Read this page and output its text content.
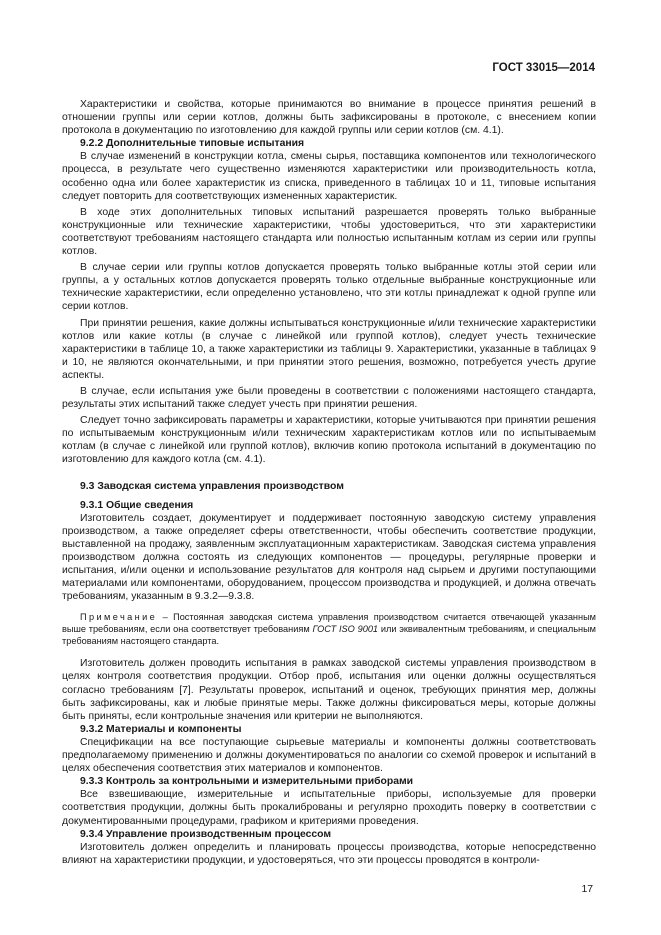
ГОСТ 33015—2014

Характеристики и свойства, которые принимаются во внимание в процессе принятия решений в отношении группы или серии котлов, должны быть зафиксированы в протоколе, с внесением копии протокола в документацию по изготовлению для каждой группы или серии котлов (см. 4.1).

9.2.2 Дополнительные типовые испытания

В случае изменений в конструкции котла, смены сырья, поставщика компонентов или технологического процесса, в результате чего существенно изменяются характеристики или производительность котла, особенно одна или более характеристик из списка, приведенного в таблицах 10 и 11, типовые испытания следует повторить для соответствующих измененных характеристик.

В ходе этих дополнительных типовых испытаний разрешается проверять только выбранные конструкционные или технические характеристики, чтобы удостовериться, что эти характеристики соответствуют требованиям настоящего стандарта или полностью испытанным котлам из серии или группы котлов.

В случае серии или группы котлов допускается проверять только выбранные котлы этой серии или группы, а у остальных котлов допускается проверять только отдельные выбранные конструкционные или технические характеристики, если определенно установлено, что эти котлы принадлежат к одной группе или серии котлов.

При принятии решения, какие должны испытываться конструкционные и/или технические характеристики котлов или какие котлы (в случае с линейкой или группой котлов), следует учесть технические характеристики в таблице 10, а также характеристики из таблицы 9. Характеристики, указанные в таблицах 9 и 10, не являются окончательными, и при принятии этого решения, возможно, потребуется учесть другие аспекты.

В случае, если испытания уже были проведены в соответствии с положениями настоящего стандарта, результаты этих испытаний также следует учесть при принятии решения.

Следует точно зафиксировать параметры и характеристики, которые учитываются при принятии решения по испытываемым конструкционным и/или техническим характеристикам котлов или по испытываемым котлам (в случае с линейкой или группой котлов), включив копию протокола испытаний в документацию по изготовлению для каждого котла (см. 4.1).

9.3 Заводская система управления производством
9.3.1 Общие сведения

Изготовитель создает, документирует и поддерживает постоянную заводскую систему управления производством, а также определяет сферы ответственности, чтобы обеспечить соответствие продукции, выставленной на продажу, заявленным эксплуатационным характеристикам. Заводская система управления производством должна состоять из следующих компонентов — процедуры, регулярные проверки и испытания, и/или оценки и использование результатов для контроля над сырьем и другими поступающими материалами или компонентами, оборудованием, процессом производства и продукцией, и должна отвечать требованиям, указанным в 9.3.2—9.3.8.

Примечание – Постоянная заводская система управления производством считается отвечающей указанным выше требованиям, если она соответствует требованиям ГОСТ ISO 9001 или эквивалентным требованиям, и специальным требованиям настоящего стандарта.

Изготовитель должен проводить испытания в рамках заводской системы управления производством в целях контроля соответствия продукции. Отбор проб, испытания или оценки должны осуществляться согласно требованиям [7]. Результаты проверок, испытаний и оценок, требующих принятия мер, должны быть зафиксированы, как и любые принятые меры. Также должны фиксироваться меры, которые должны быть приняты, если контрольные значения или критерии не выполняются.

9.3.2 Материалы и компоненты

Спецификации на все поступающие сырьевые материалы и компоненты должны соответствовать предполагаемому применению и должны документироваться по аналогии со схемой проверок и испытаний в целях обеспечения соответствия этих материалов и компонентов.

9.3.3 Контроль за контрольными и измерительными приборами

Все взвешивающие, измерительные и испытательные приборы, используемые для проверки соответствия продукции, должны быть прокалиброваны и регулярно проходить поверку в соответствии с документированными процедурами, графиком и критериями проведения.

9.3.4 Управление производственным процессом

Изготовитель должен определить и планировать процессы производства, которые непосредственно влияют на характеристики продукции, и удостоверяться, что эти процессы проводятся в контроли-

17
